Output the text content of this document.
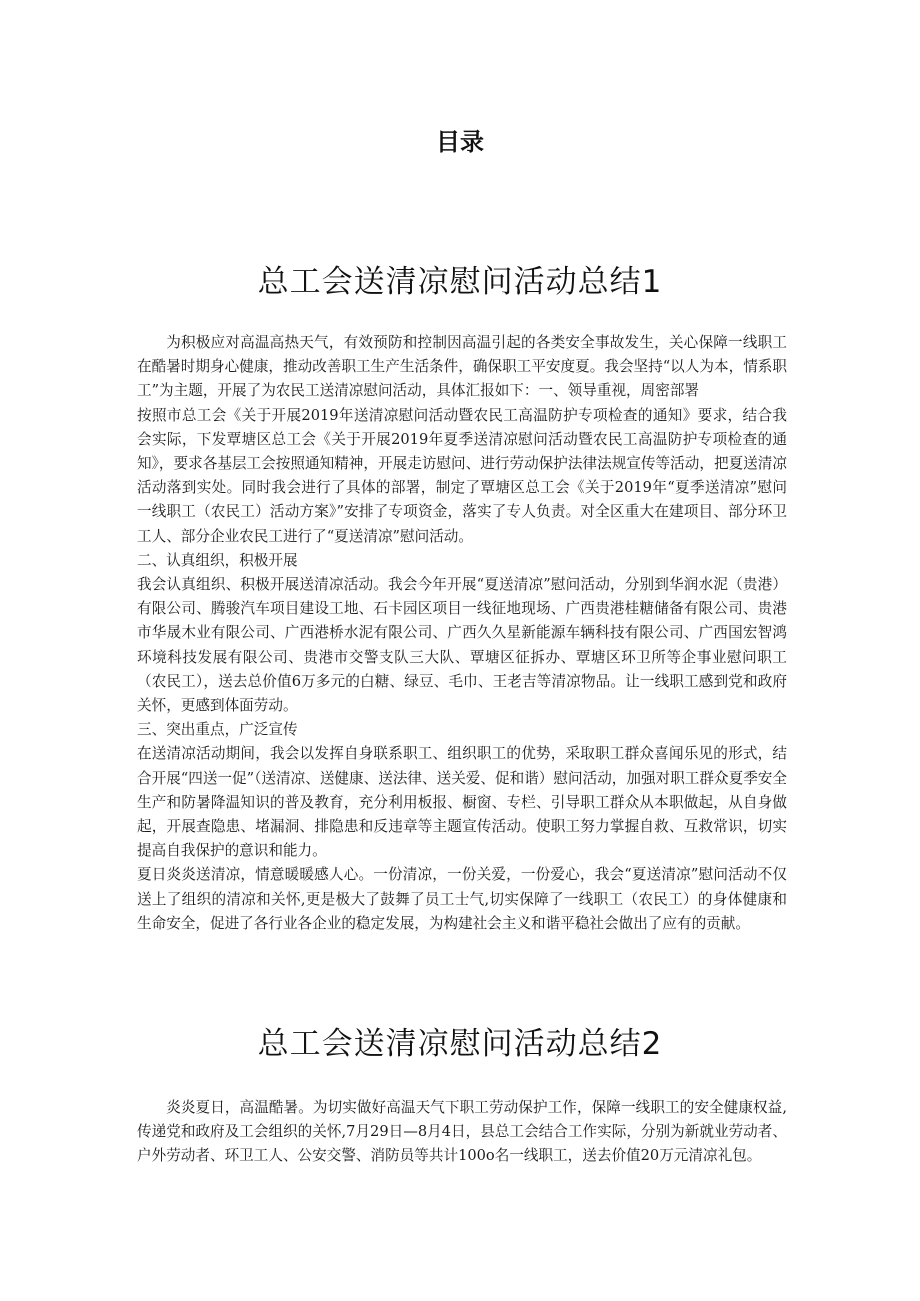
目录
总工会送清凉慰问活动总结1

为积极应对高温高热天气，有效预防和控制因高温引起的各类安全事故发生，关心保障一线职工在酷暑时期身心健康，推动改善职工生产生活条件，确保职工平安度夏。我会坚持“以人为本，情系职工”为主题，开展了为农民工送清凉慰问活动，具体汇报如下：一、领导重视，周密部署

按照市总工会《关于开展2019年送清凉慰问活动暨农民工高温防护专项检查的通知》要求，结合我会实际，下发覃塘区总工会《关于开展2019年夏季送清凉慰问活动暨农民工高温防护专项检查的通知》，要求各基层工会按照通知精神，开展走访慰问、进行劳动保护法律法规宣传等活动，把夏送清凉活动落到实处。同时我会进行了具体的部署，制定了覃塘区总工会《关于2019年“夏季送清凉”慰问一线职工（农民工）活动方案》”安排了专项资金，落实了专人负责。对全区重大在建项目、部分环卫工人、部分企业农民工进行了“夏送清凉”慰问活动。

二、认真组织，积极开展

我会认真组织、积极开展送清凉活动。我会今年开展“夏送清凉”慰问活动，分别到华润水泥（贵港）有限公司、腾骏汽车项目建设工地、石卡园区项目一线征地现场、广西贵港桂糖储备有限公司、贵港市华晟木业有限公司、广西港桥水泥有限公司、广西久久星新能源车辆科技有限公司、广西国宏智鸿环境科技发展有限公司、贵港市交警支队三大队、覃塘区征拆办、覃塘区环卫所等企事业慰问职工（农民工），送去总价值6万多元的白糖、绿豆、毛巾、王老吉等清凉物品。让一线职工感到党和政府关怀，更感到体面劳动。

三、突出重点，广泛宣传

在送清凉活动期间，我会以发挥自身联系职工、组织职工的优势，采取职工群众喜闻乐见的形式，结合开展“四送一促”（送清凉、送健康、送法律、送关爱、促和谐）慰问活动，加强对职工群众夏季安全生产和防暑降温知识的普及教育，充分利用板报、橱窗、专栏、引导职工群众从本职做起，从自身做起，开展查隐患、堵漏洞、排隐患和反违章等主题宣传活动。使职工努力掌握自救、互救常识，切实提高自我保护的意识和能力。

夏日炎炎送清凉，情意暖暖感人心。一份清凉，一份关爱，一份爱心，我会“夏送清凉”慰问活动不仅送上了组织的清凉和关怀,更是极大了鼓舞了员工士气,切实保障了一线职工（农民工）的身体健康和生命安全，促进了各行业各企业的稳定发展，为构建社会主义和谐平稳社会做出了应有的贡献。

总工会送清凉慰问活动总结2

炎炎夏日，高温酷暑。为切实做好高温天气下职工劳动保护工作，保障一线职工的安全健康权益,传递党和政府及工会组织的关怀,7月29日—8月4日，县总工会结合工作实际，分别为新就业劳动者、户外劳动者、环卫工人、公安交警、消防员等共计100o名一线职工，送去价值20万元清凉礼包。
